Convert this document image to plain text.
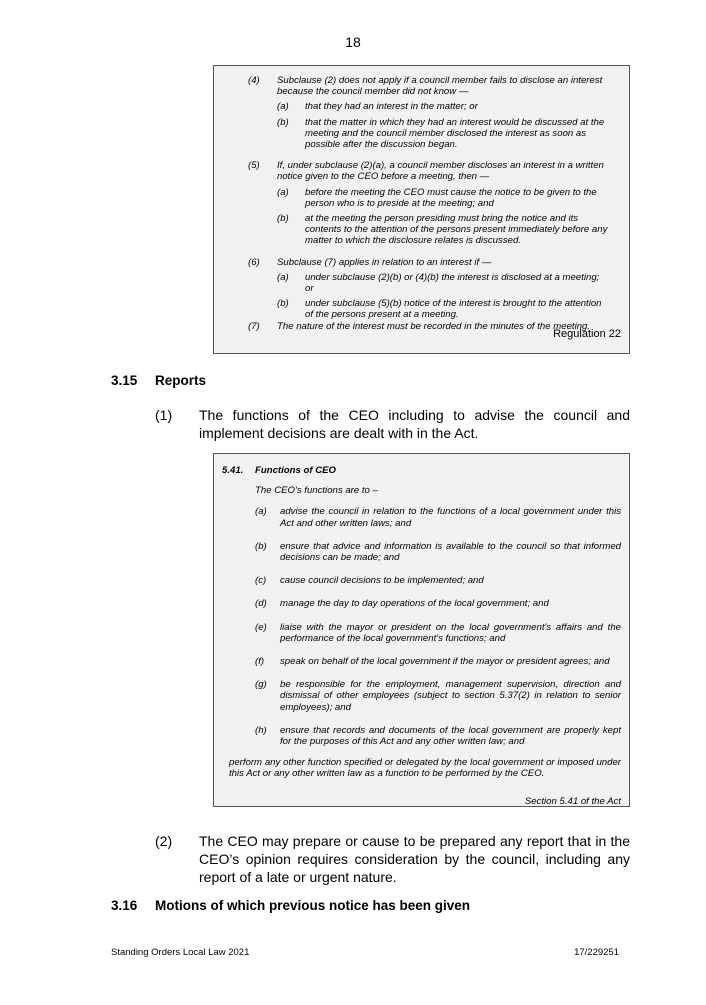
18
(4)	Subclause (2) does not apply if a council member fails to disclose an interest because the council member did not know —
(a)	that they had an interest in the matter; or
(b)	that the matter in which they had an interest would be discussed at the meeting and the council member disclosed the interest as soon as possible after the discussion began.
(5)	If, under subclause (2)(a), a council member discloses an interest in a written notice given to the CEO before a meeting, then —
(a)	before the meeting the CEO must cause the notice to be given to the person who is to preside at the meeting; and
(b)	at the meeting the person presiding must bring the notice and its contents to the attention of the persons present immediately before any matter to which the disclosure relates is discussed.
(6)	Subclause (7) applies in relation to an interest if —
(a)	under subclause (2)(b) or (4)(b) the interest is disclosed at a meeting; or
(b)	under subclause (5)(b) notice of the interest is brought to the attention of the persons present at a meeting.
(7)	The nature of the interest must be recorded in the minutes of the meeting.
Regulation 22
3.15 Reports
(1)	The functions of the CEO including to advise the council and implement decisions are dealt with in the Act.
5.41.	Functions of CEO
The CEO's functions are to –
(a)	advise the council in relation to the functions of a local government under this Act and other written laws; and
(b)	ensure that advice and information is available to the council so that informed decisions can be made; and
(c)	cause council decisions to be implemented; and
(d)	manage the day to day operations of the local government; and
(e)	liaise with the mayor or president on the local government's affairs and the performance of the local government's functions; and
(f)	speak on behalf of the local government if the mayor or president agrees; and
(g)	be responsible for the employment, management supervision, direction and dismissal of other employees (subject to section 5.37(2) in relation to senior employees); and
(h)	ensure that records and documents of the local government are properly kept for the purposes of this Act and any other written law; and
perform any other function specified or delegated by the local government or imposed under this Act or any other written law as a function to be performed by the CEO.
Section 5.41 of the Act
(2)	The CEO may prepare or cause to be prepared any report that in the CEO’s opinion requires consideration by the council, including any report of a late or urgent nature.
3.16 Motions of which previous notice has been given
Standing Orders Local Law 2021	17/229251
